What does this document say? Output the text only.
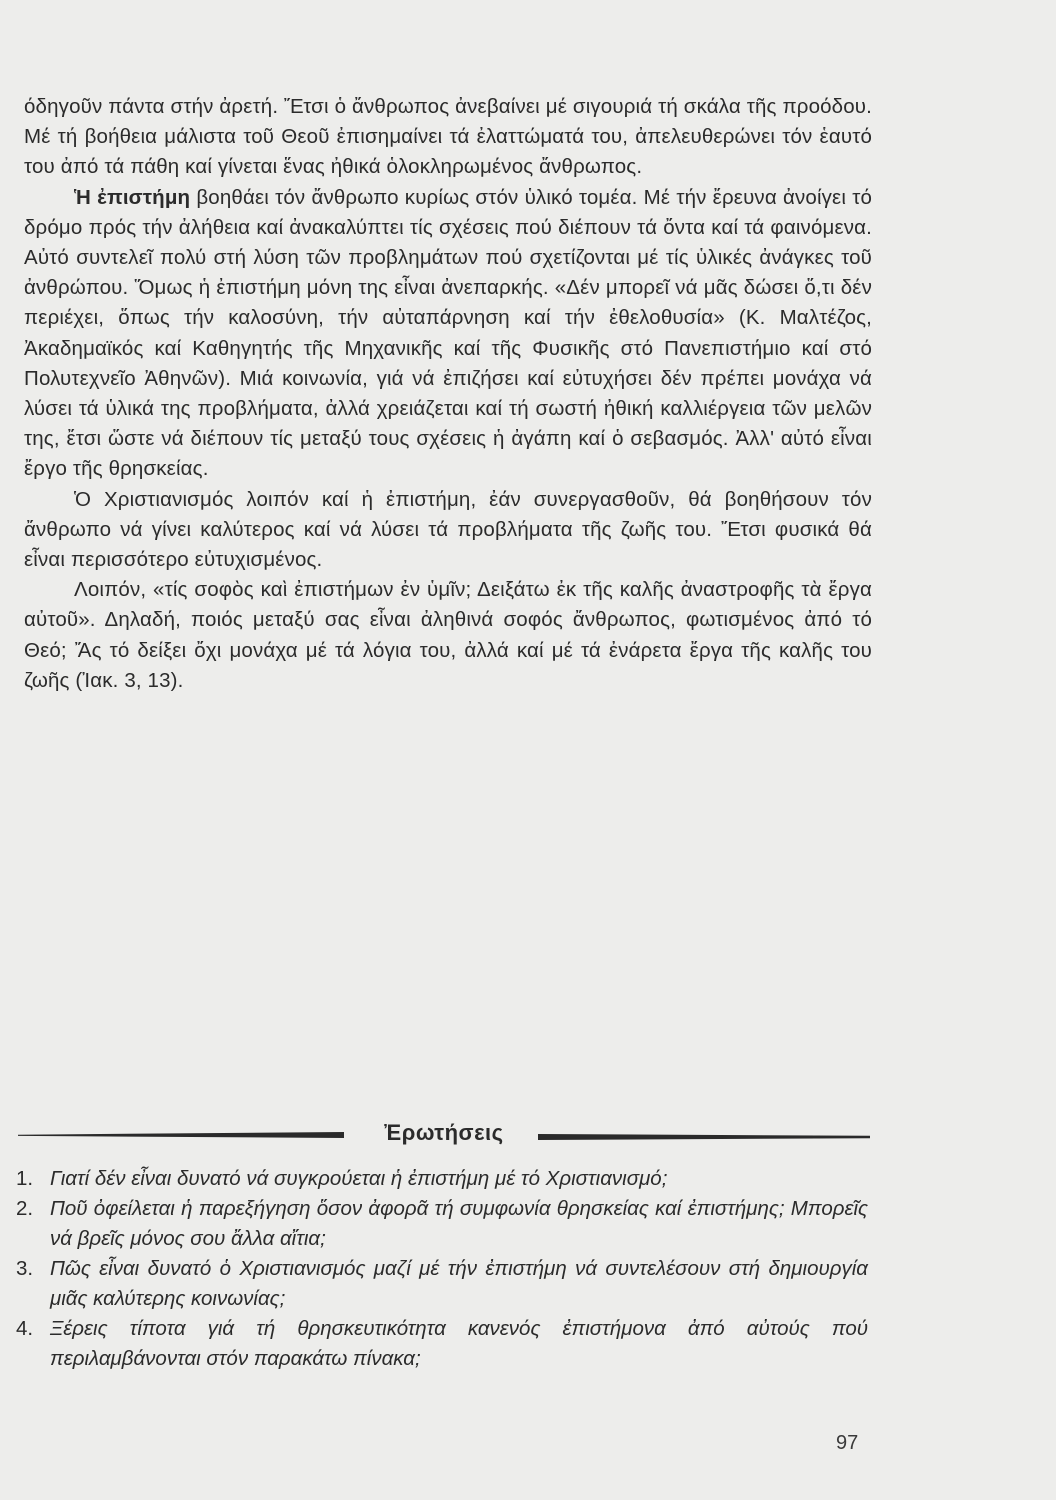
όδηγοῦν πάντα στήν ἀρετή. Ἔτσι ὁ ἄνθρωπος ἀνεβαίνει μέ σιγουριά τή σκάλα τῆς προόδου. Μέ τή βοήθεια μάλιστα τοῦ Θεοῦ ἐπισημαίνει τά ἐλαττώματά του, ἀπελευθερώνει τόν ἑαυτό του ἀπό τά πάθη καί γίνεται ἕνας ἠθικά ὁλοκληρωμένος ἄνθρωπος.

Ἡ ἐπιστήμη βοηθάει τόν ἄνθρωπο κυρίως στόν ὑλικό τομέα. Μέ τήν ἔρευνα ἀνοίγει τό δρόμο πρός τήν ἀλήθεια καί ἀνακαλύπτει τίς σχέσεις πού διέπουν τά ὄντα καί τά φαινόμενα. Αὐτό συντελεῖ πολύ στή λύση τῶν προβλημάτων πού σχετίζονται μέ τίς ὑλικές ἀνάγκες τοῦ ἀνθρώπου. Ὅμως ἡ ἐπιστήμη μόνη της εἶναι ἀνεπαρκής. «Δέν μπορεῖ νά μᾶς δώσει ὅ,τι δέν περιέχει, ὅπως τήν καλοσύνη, τήν αὐταπάρνηση καί τήν ἐθελοθυσία» (Κ. Μαλτέζος, Ἀκαδημαϊκός καί Καθηγητής τῆς Μηχανικῆς καί τῆς Φυσικῆς στό Πανεπιστήμιο καί στό Πολυτεχνεῖο Ἀθηνῶν). Μιά κοινωνία, γιά νά ἐπιζήσει καί εὐτυχήσει δέν πρέπει μονάχα νά λύσει τά ὑλικά της προβλήματα, ἀλλά χρειάζεται καί τή σωστή ἠθική καλλιέργεια τῶν μελῶν της, ἔτσι ὥστε νά διέπουν τίς μεταξύ τους σχέσεις ἡ ἀγάπη καί ὁ σεβασμός. Ἀλλ' αὐτό εἶναι ἔργο τῆς θρησκείας.

Ὁ Χριστιανισμός λοιπόν καί ἡ ἐπιστήμη, ἐάν συνεργασθοῦν, θά βοηθήσουν τόν ἄνθρωπο νά γίνει καλύτερος καί νά λύσει τά προβλήματα τῆς ζωῆς του. Ἔτσι φυσικά θά εἶναι περισσότερο εὐτυχισμένος.

Λοιπόν, «τίς σοφὸς καὶ ἐπιστήμων ἐν ὑμῖν; Δειξάτω ἐκ τῆς καλῆς ἀναστροφῆς τὰ ἔργα αὐτοῦ». Δηλαδή, ποιός μεταξύ σας εἶναι ἀληθινά σοφός ἄνθρωπος, φωτισμένος ἀπό τό Θεό; Ἄς τό δείξει ὄχι μονάχα μέ τά λόγια του, ἀλλά καί μέ τά ἐνάρετα ἔργα τῆς καλῆς του ζωῆς (Ἰακ. 3, 13).

Ἐρωτήσεις
1. Γιατί δέν εἶναι δυνατό νά συγκρούεται ἡ ἐπιστήμη μέ τό Χριστιανισμό;
2. Ποῦ ὀφείλεται ἡ παρεξήγηση ὅσον ἀφορᾶ τή συμφωνία θρησκείας καί ἐπιστήμης; Μπορεῖς νά βρεῖς μόνος σου ἄλλα αἴτια;
3. Πῶς εἶναι δυνατό ὁ Χριστιανισμός μαζί μέ τήν ἐπιστήμη νά συντελέσουν στή δημιουργία μιᾶς καλύτερης κοινωνίας;
4. Ξέρεις τίποτα γιά τή θρησκευτικότητα κανενός ἐπιστήμονα ἀπό αὐτούς πού περιλαμβάνονται στόν παρακάτω πίνακα;
97
